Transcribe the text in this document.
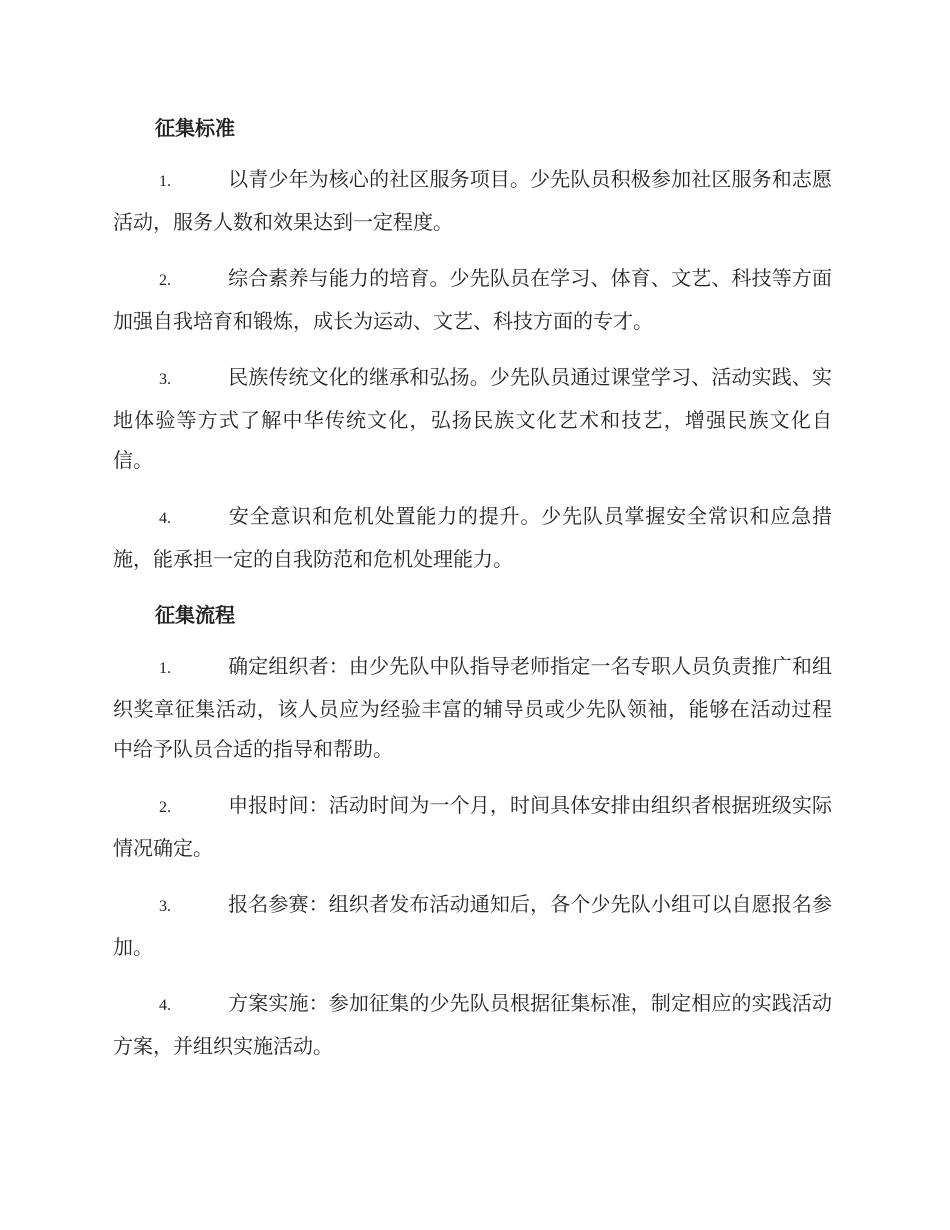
征集标准

1.	以青少年为核心的社区服务项目。少先队员积极参加社区服务和志愿活动，服务人数和效果达到一定程度。

2.	综合素养与能力的培育。少先队员在学习、体育、文艺、科技等方面加强自我培育和锻炼，成长为运动、文艺、科技方面的专才。

3.	民族传统文化的继承和弘扬。少先队员通过课堂学习、活动实践、实地体验等方式了解中华传统文化，弘扬民族文化艺术和技艺，增强民族文化自信。

4.	安全意识和危机处置能力的提升。少先队员掌握安全常识和应急措施，能承担一定的自我防范和危机处理能力。

征集流程

1.	确定组织者：由少先队中队指导老师指定一名专职人员负责推广和组织奖章征集活动，该人员应为经验丰富的辅导员或少先队领袖，能够在活动过程中给予队员合适的指导和帮助。

2.	申报时间：活动时间为一个月，时间具体安排由组织者根据班级实际情况确定。

3.	报名参赛：组织者发布活动通知后，各个少先队小组可以自愿报名参加。

4.	方案实施：参加征集的少先队员根据征集标准，制定相应的实践活动方案，并组织实施活动。
